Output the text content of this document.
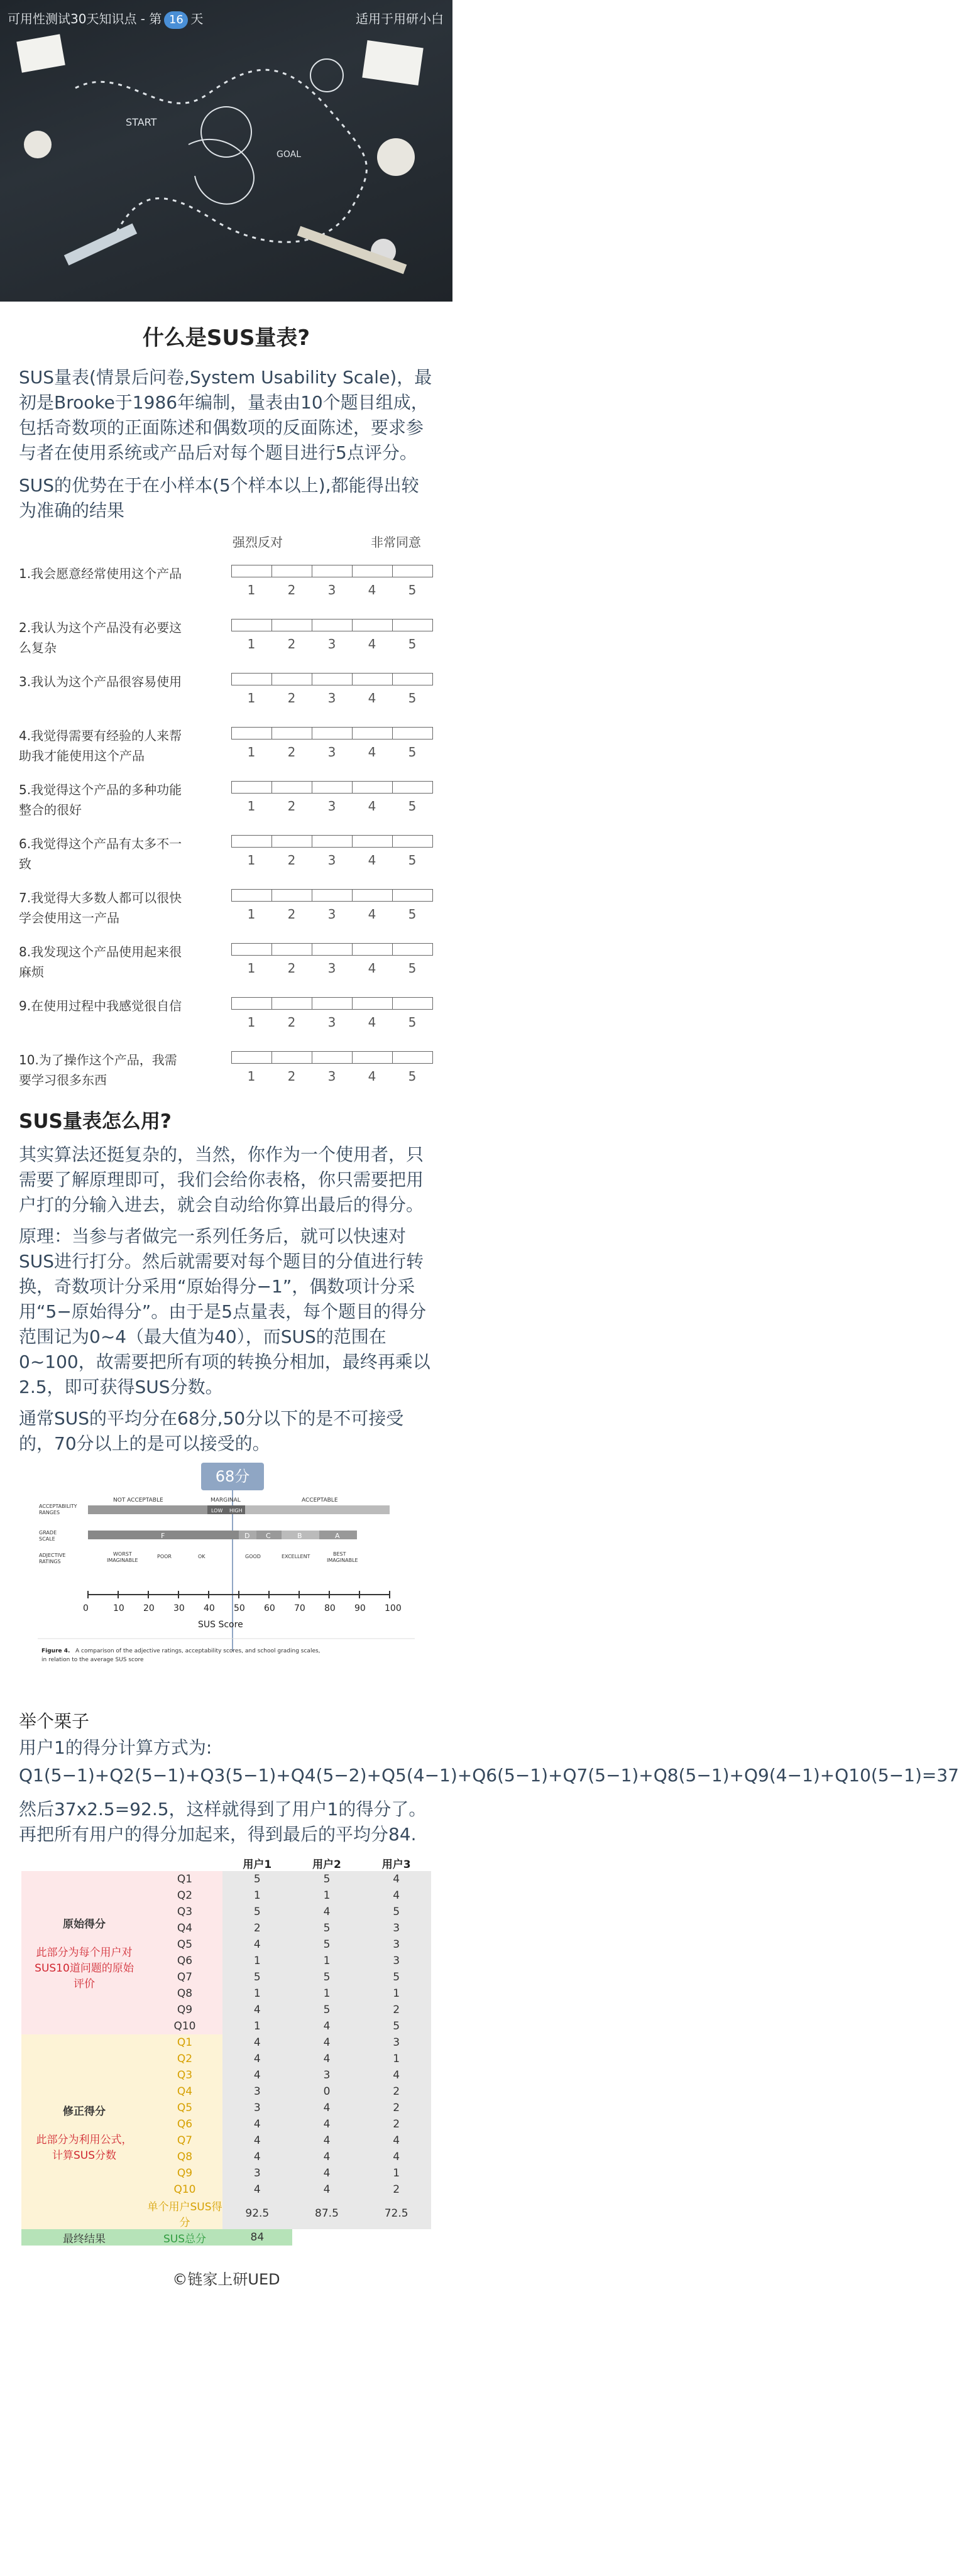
START
GOAL
可用性测试30天知识点 - 第 16 天	适用于用研小白
什么是SUS量表?

SUS量表(情景后问卷,System Usability Scale)，最初是Brooke于1986年编制，量表由10个题目组成，包括奇数项的正面陈述和偶数项的反面陈述，要求参与者在使用系统或产品后对每个题目进行5点评分。

SUS的优势在于在小样本(5个样本以上),都能得出较为准确的结果

强烈反对	非常同意
1.我会愿意经常使用这个产品
1	2	3	4	5
2.我认为这个产品没有必要这么复杂	1	2	3	4	5
3.我认为这个产品很容易使用
1	2	3	4	5
4.我觉得需要有经验的人来帮助我才能使用这个产品	1	2	3	4	5
5.我觉得这个产品的多种功能整合的很好	1	2	3	4	5
6.我觉得这个产品有太多不一致	1	2	3	4	5
7.我觉得大多数人都可以很快学会使用这一产品	1	2	3	4	5
8.我发现这个产品使用起来很麻烦	1	2	3	4	5
9.在使用过程中我感觉很自信
1	2	3	4	5
10.为了操作这个产品，我需要学习很多东西	1	2	3	4	5
SUS量表怎么用?

其实算法还挺复杂的，当然，你作为一个使用者，只需要了解原理即可，我们会给你表格，你只需要把用户打的分输入进去，就会自动给你算出最后的得分。

原理：当参与者做完一系列任务后，就可以快速对SUS进行打分。然后就需要对每个题目的分值进行转换，奇数项计分采用“原始得分−1”，偶数项计分采用“5−原始得分”。由于是5点量表，每个题目的得分范围记为0~4（最大值为40），而SUS的范围在0~100，故需要把所有项的转换分相加，最终再乘以2.5，即可获得SUS分数。

通常SUS的平均分在68分,50分以下的是不可接受的，70分以上的是可以接受的。

68分
ACCEPTABILITY
RANGES
GRADE
SCALE
ADJECTIVE
RATINGS
NOT ACCEPTABLE	MARGINAL
LOW HIGH
ACCEPTABLE
F	D C	B	A
WORST
IMAGINABLE
POOR	OK	GOOD	EXCELLENT	BEST
IMAGINABLE
0	10 20 30 40 50 60 70 80 90 100
SUS Score
Figure 4. A comparison of the adjective ratings, acceptability scores, and school grading scales,
in relation to the average SUS score
举个栗子

用户1的得分计算方式为:

Q1(5−1)+Q2(5−1)+Q3(5−1)+Q4(5−2)+Q5(4−1)+Q6(5−1)+Q7(5−1)+Q8(5−1)+Q9(4−1)+Q10(5−1)=37

然后37x2.5=92.5，这样就得到了用户1的得分了。再把所有用户的得分加起来，得到最后的平均分84.

		用户1	用户2	用户3

原始得分
此部分为每个用户对SUS10道问题的原始评价	Q1	5	5	4
	Q2	1	1	4
	Q3	5	4	5
	Q4	2	5	3
	Q5	4	5	3
	Q6	1	1	3
	Q7	5	5	5
	Q8	1	1	1
	Q9	4	5	2
	Q10	1	4	5

修正得分
此部分为利用公式，计算SUS分数	Q1	4	4	3
	Q2	4	4	1
	Q3	4	3	4
	Q4	3	0	2
	Q5	3	4	2
	Q6	4	4	2
	Q7	4	4	4
	Q8	4	4	4
	Q9	3	4	1
	Q10	4	4	2
	单个用户SUS得分	92.5	87.5	72.5
最终结果	SUS总分	84		
©链家上研UED
